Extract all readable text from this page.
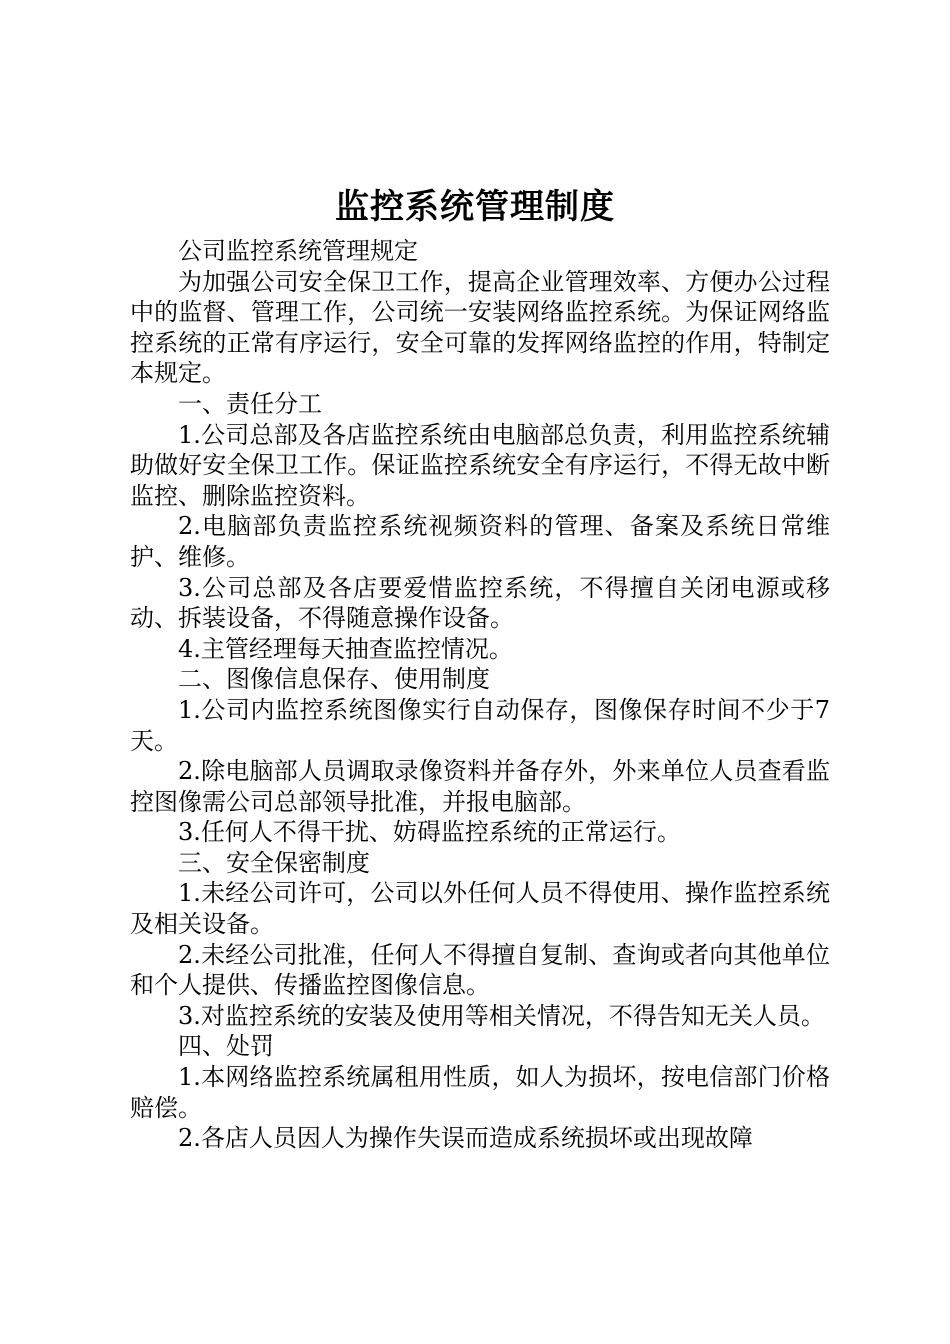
监控系统管理制度

公司监控系统管理规定

为加强公司安全保卫工作，提高企业管理效率、方便办公过程中的监督、管理工作，公司统一安装网络监控系统。为保证网络监控系统的正常有序运行，安全可靠的发挥网络监控的作用，特制定本规定。

一、责任分工

1.公司总部及各店监控系统由电脑部总负责，利用监控系统辅助做好安全保卫工作。保证监控系统安全有序运行，不得无故中断监控、删除监控资料。

2.电脑部负责监控系统视频资料的管理、备案及系统日常维护、维修。

3.公司总部及各店要爱惜监控系统，不得擅自关闭电源或移动、拆装设备，不得随意操作设备。

4.主管经理每天抽查监控情况。

二、图像信息保存、使用制度

1.公司内监控系统图像实行自动保存，图像保存时间不少于7天。

2.除电脑部人员调取录像资料并备存外，外来单位人员查看监控图像需公司总部领导批准，并报电脑部。

3.任何人不得干扰、妨碍监控系统的正常运行。

三、安全保密制度

1.未经公司许可，公司以外任何人员不得使用、操作监控系统及相关设备。

2.未经公司批准，任何人不得擅自复制、查询或者向其他单位和个人提供、传播监控图像信息。

3.对监控系统的安装及使用等相关情况，不得告知无关人员。

四、处罚

1.本网络监控系统属租用性质，如人为损坏，按电信部门价格赔偿。

2.各店人员因人为操作失误而造成系统损坏或出现故障
